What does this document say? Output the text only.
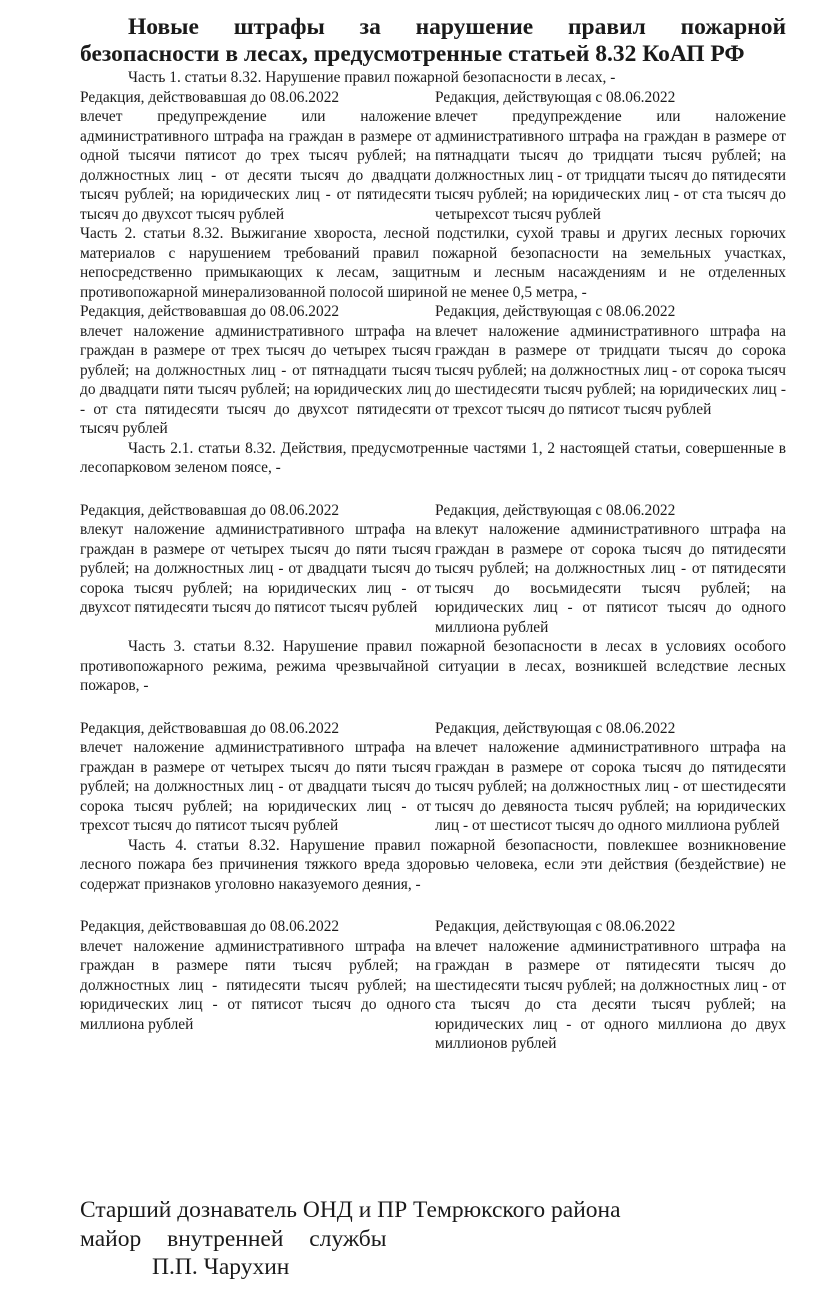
Новые штрафы за нарушение правил пожарной безопасности в лесах, предусмотренные статьей 8.32 КоАП РФ

Часть 1. статьи 8.32. Нарушение правил пожарной безопасности в лесах, -

Редакция, действовавшая до 08.06.2022

влечет предупреждение или наложение административного штрафа на граждан в размере от одной тысячи пятисот до трех тысяч рублей; на должностных лиц - от десяти тысяч до двадцати тысяч рублей; на юридических лиц - от пятидесяти тысяч до двухсот тысяч рублей

Редакция, действующая с 08.06.2022

влечет предупреждение или наложение административного штрафа на граждан в размере от пятнадцати тысяч до тридцати тысяч рублей; на должностных лиц - от тридцати тысяч до пятидесяти тысяч рублей; на юридических лиц - от ста тысяч до четырехсот тысяч рублей

Часть 2. статьи 8.32. Выжигание хвороста, лесной подстилки, сухой травы и других лесных горючих материалов с нарушением требований правил пожарной безопасности на земельных участках, непосредственно примыкающих к лесам, защитным и лесным насаждениям и не отделенных противопожарной минерализованной полосой шириной не менее 0,5 метра, -

Редакция, действовавшая до 08.06.2022

влечет наложение административного штрафа на граждан в размере от трех тысяч до четырех тысяч рублей; на должностных лиц - от пятнадцати тысяч до двадцати пяти тысяч рублей; на юридических лиц - от ста пятидесяти тысяч до двухсот пятидесяти тысяч рублей

Редакция, действующая с 08.06.2022

влечет наложение административного штрафа на граждан в размере от тридцати тысяч до сорока тысяч рублей; на должностных лиц - от сорока тысяч до шестидесяти тысяч рублей; на юридических лиц - от трехсот тысяч до пятисот тысяч рублей

Часть 2.1. статьи 8.32. Действия, предусмотренные частями 1, 2 настоящей статьи, совершенные в лесопарковом зеленом поясе, -

Редакция, действовавшая до 08.06.2022

влекут наложение административного штрафа на граждан в размере от четырех тысяч до пяти тысяч рублей; на должностных лиц - от двадцати тысяч до сорока тысяч рублей; на юридических лиц - от двухсот пятидесяти тысяч до пятисот тысяч рублей

Редакция, действующая с 08.06.2022

влекут наложение административного штрафа на граждан в размере от сорока тысяч до пятидесяти тысяч рублей; на должностных лиц - от пятидесяти тысяч до восьмидесяти тысяч рублей; на юридических лиц - от пятисот тысяч до одного миллиона рублей

Часть 3. статьи 8.32. Нарушение правил пожарной безопасности в лесах в условиях особого противопожарного режима, режима чрезвычайной ситуации в лесах, возникшей вследствие лесных пожаров, -

Редакция, действовавшая до 08.06.2022

влечет наложение административного штрафа на граждан в размере от четырех тысяч до пяти тысяч рублей; на должностных лиц - от двадцати тысяч до сорока тысяч рублей; на юридических лиц - от трехсот тысяч до пятисот тысяч рублей

Редакция, действующая с 08.06.2022

влечет наложение административного штрафа на граждан в размере от сорока тысяч до пятидесяти тысяч рублей; на должностных лиц - от шестидесяти тысяч до девяноста тысяч рублей; на юридических лиц - от шестисот тысяч до одного миллиона рублей

Часть 4. статьи 8.32. Нарушение правил пожарной безопасности, повлекшее возникновение лесного пожара без причинения тяжкого вреда здоровью человека, если эти действия (бездействие) не содержат признаков уголовно наказуемого деяния, -

Редакция, действовавшая до 08.06.2022

влечет наложение административного штрафа на граждан в размере пяти тысяч рублей; на должностных лиц - пятидесяти тысяч рублей; на юридических лиц - от пятисот тысяч до одного миллиона рублей

Редакция, действующая с 08.06.2022

влечет наложение административного штрафа на граждан в размере от пятидесяти тысяч до шестидесяти тысяч рублей; на должностных лиц - от ста тысяч до ста десяти тысяч рублей; на юридических лиц - от одного миллиона до двух миллионов рублей

Старший дознаватель ОНД и ПР Темрюкского района
майор внутренней службы
П.П. Чарухин
